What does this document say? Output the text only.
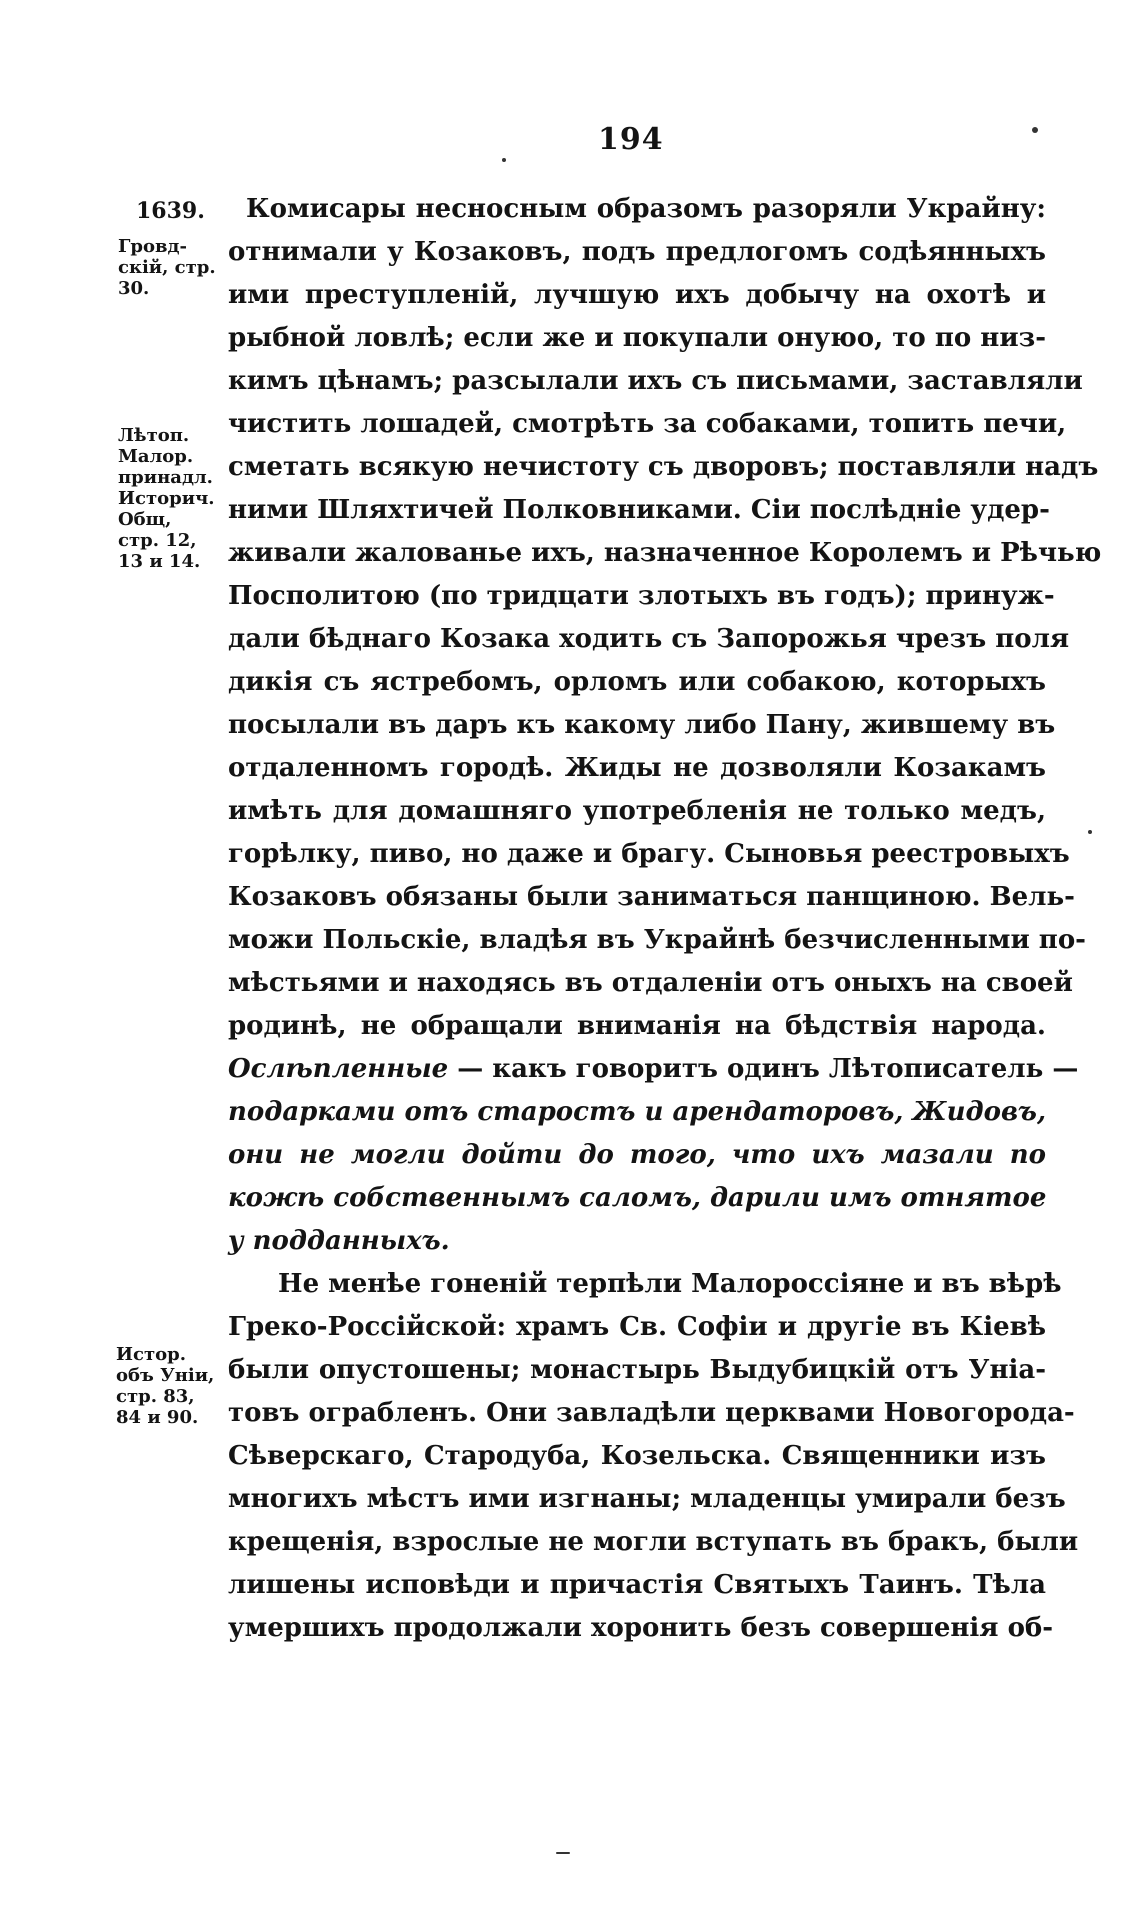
194
1639.
Гровд-
скій, стр.
30.
Лѣтоп.
Малор.
принадл.
Историч.
Общ,
стр. 12,
13 и 14.
Истор.
объ Уніи,
стр. 83,
84 и 90.
Комисары несносным образомъ разоряли Украйну:
отнимали у Козаковъ, подъ предлогомъ содѣянныхъ
ими преступленій, лучшую ихъ добычу на охотѣ и
рыбной ловлѣ; если же и покупали онуюо, то по низ-
кимъ цѣнамъ; разсылали ихъ съ письмами, заставляли
чистить лошадей, смотрѣть за собаками, топить печи,
сметать всякую нечистоту съ дворовъ; поставляли надъ
ними Шляхтичей Полковниками. Сіи послѣдніе удер-
живали жалованье ихъ, назначенное Королемъ и Рѣчью
Посполитою (по тридцати злотыхъ въ годъ); принуж-
дали бѣднаго Козака ходить съ Запорожья чрезъ поля
дикія съ ястребомъ, орломъ или собакою, которыхъ
посылали въ даръ къ какому либо Пану, жившему въ
отдаленномъ городѣ. Жиды не дозволяли Козакамъ
имѣть для домашняго употребленія не только медъ,
горѣлку, пиво, но даже и брагу. Сыновья реестровыхъ
Козаковъ обязаны были заниматься панщиною. Вель-
можи Польскіе, владѣя въ Украйнѣ безчисленными по-
мѣстьями и находясь въ отдаленіи отъ оныхъ на своей
родинѣ, не обращали вниманія на бѣдствія народа.
Ослѣпленные — какъ говоритъ одинъ Лѣтописатель —
подарками отъ старостъ и арендаторовъ, Жидовъ,
они не могли дойти до того, что ихъ мазали по
кожѣ собственнымъ саломъ, дарили имъ отнятое
у подданныхъ.
Не менѣе гоненій терпѣли Малороссіяне и въ вѣрѣ
Греко-Россійской: храмъ Св. Софіи и другіе въ Кіевѣ
были опустошены; монастырь Выдубицкій отъ Уніа-
товъ ограбленъ. Они завладѣли церквами Новогорода-
Сѣверскаго, Стародуба, Козельска. Священники изъ
многихъ мѣстъ ими изгнаны; младенцы умирали безъ
крещенія, взрослые не могли вступать въ бракъ, были
лишены исповѣди и причастія Святыхъ Таинъ. Тѣла
умершихъ продолжали хоронить безъ совершенія об-
